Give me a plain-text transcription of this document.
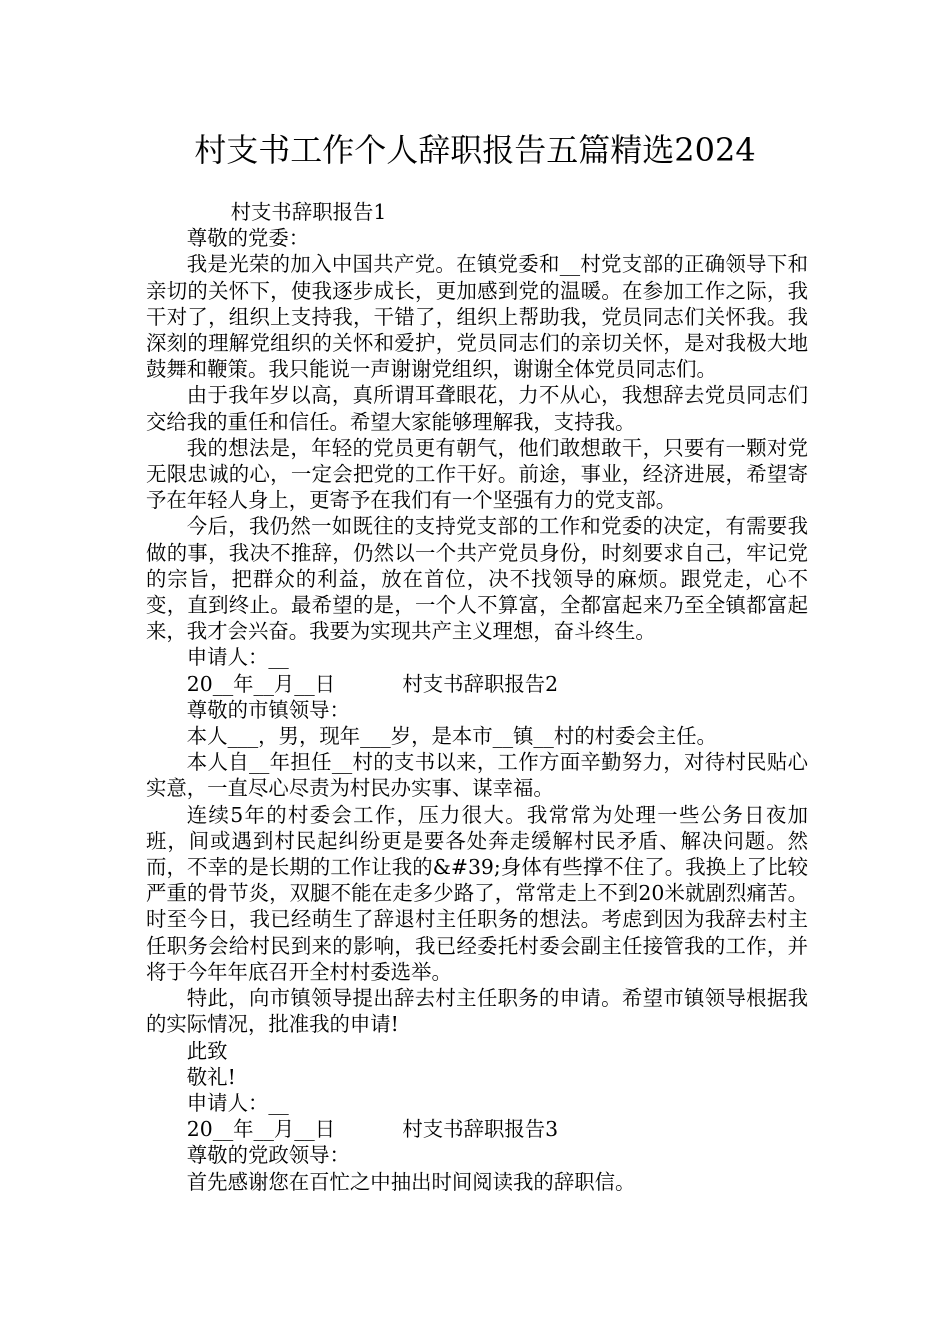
村支书工作个人辞职报告五篇精选2024

村支书辞职报告1

尊敬的党委：

我是光荣的加入中国共产党。在镇党委和__村党支部的正确领导下和亲切的关怀下，使我逐步成长，更加感到党的温暖。在参加工作之际，我干对了，组织上支持我，干错了，组织上帮助我，党员同志们关怀我。我深刻的理解党组织的关怀和爱护，党员同志们的亲切关怀，是对我极大地鼓舞和鞭策。我只能说一声谢谢党组织，谢谢全体党员同志们。

由于我年岁以高，真所谓耳聋眼花，力不从心，我想辞去党员同志们交给我的重任和信任。希望大家能够理解我，支持我。

我的想法是，年轻的党员更有朝气，他们敢想敢干，只要有一颗对党无限忠诚的心，一定会把党的工作干好。前途，事业，经济进展，希望寄予在年轻人身上，更寄予在我们有一个坚强有力的党支部。

今后，我仍然一如既往的支持党支部的工作和党委的决定，有需要我做的事，我决不推辞，仍然以一个共产党员身份，时刻要求自己，牢记党的宗旨，把群众的利益，放在首位，决不找领导的麻烦。跟党走，心不变，直到终止。最希望的是，一个人不算富，全都富起来乃至全镇都富起来，我才会兴奋。我要为实现共产主义理想，奋斗终生。

申请人：__

20__年__月__日	村支书辞职报告2

尊敬的市镇领导：

本人___，男，现年___岁，是本市__镇__村的村委会主任。

本人自__年担任__村的支书以来，工作方面辛勤努力，对待村民贴心实意，一直尽心尽责为村民办实事、谋幸福。

连续5年的村委会工作，压力很大。我常常为处理一些公务日夜加班，间或遇到村民起纠纷更是要各处奔走缓解村民矛盾、解决问题。然而，不幸的是长期的工作让我的&#39;身体有些撑不住了。我换上了比较严重的骨节炎，双腿不能在走多少路了，常常走上不到20米就剧烈痛苦。时至今日，我已经萌生了辞退村主任职务的想法。考虑到因为我辞去村主任职务会给村民到来的影响，我已经委托村委会副主任接管我的工作，并将于今年年底召开全村村委选举。

特此，向市镇领导提出辞去村主任职务的申请。希望市镇领导根据我的实际情况，批准我的申请!

此致

敬礼!

申请人：__

20__年__月__日	村支书辞职报告3

尊敬的党政领导：

首先感谢您在百忙之中抽出时间阅读我的辞职信。
